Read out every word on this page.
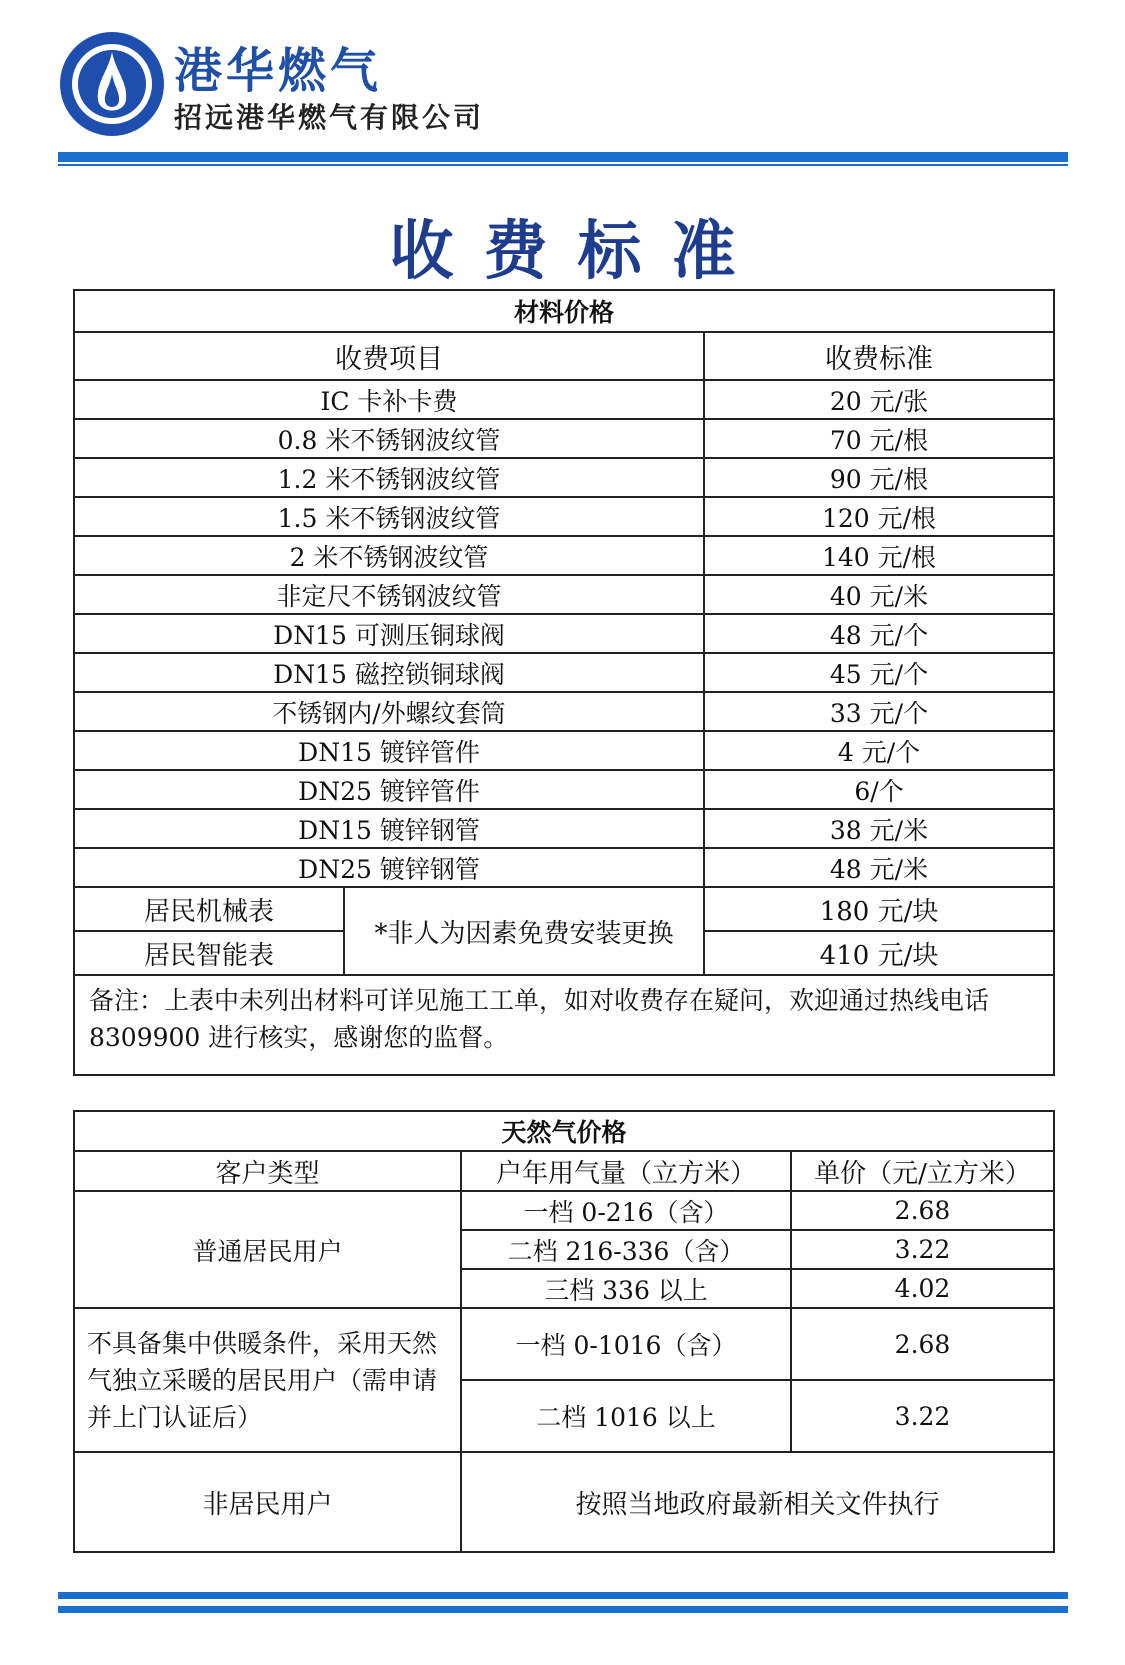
港华燃气
招远港华燃气有限公司
收费标准
材料价格		
收费项目		收费标准
IC 卡补卡费		20 元/张
0.8 米不锈钢波纹管		70 元/根
1.2 米不锈钢波纹管		90 元/根
1.5 米不锈钢波纹管		120 元/根
2 米不锈钢波纹管		140 元/根
非定尺不锈钢波纹管		40 元/米
DN15 可测压铜球阀		48 元/个
DN15 磁控锁铜球阀		45 元/个
不锈钢内/外螺纹套筒		33 元/个
DN15 镀锌管件		4 元/个
DN25 镀锌管件		6/个
DN15 镀锌钢管		38 元/米
DN25 镀锌钢管		48 元/米
居民机械表	*非人为因素免费安装更换	180 元/块
居民智能表		410 元/块
备注：上表中未列出材料可详见施工工单，如对收费存在疑问，欢迎通过热线电话 8309900 进行核实，感谢您的监督。		
天然气价格		
客户类型	户年用气量（立方米）	单价（元/立方米）
普通居民用户	一档 0-216（含）	2.68
	二档 216-336（含）	3.22
	三档 336 以上	4.02
不具备集中供暖条件，采用天然气独立采暖的居民用户（需申请并上门认证后）	一档 0-1016（含）	2.68
	二档 1016 以上	3.22
非居民用户	按照当地政府最新相关文件执行	
